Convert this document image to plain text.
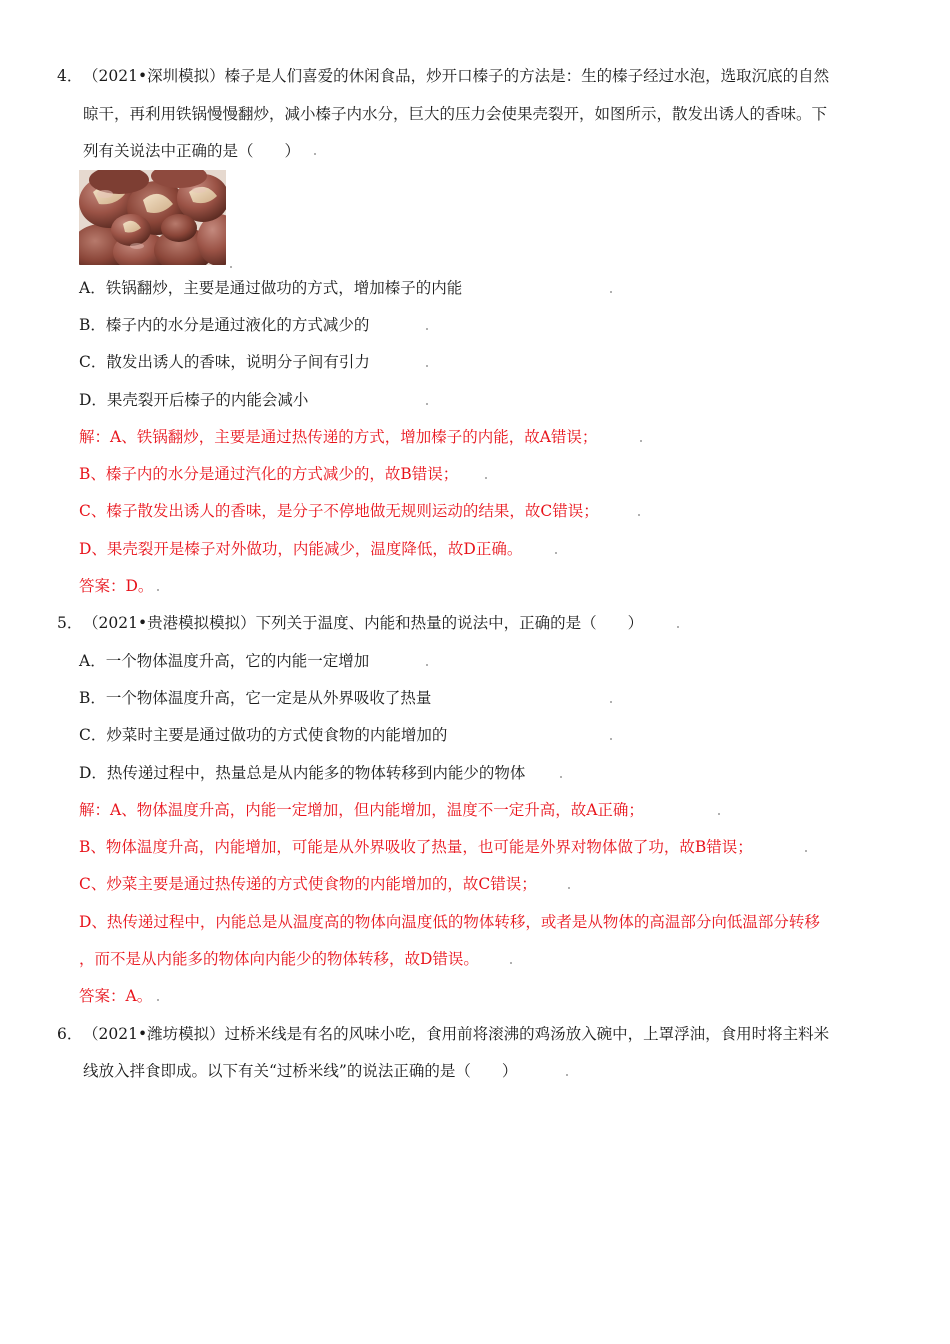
4．（2021•深圳模拟）榛子是人们喜爱的休闲食品，炒开口榛子的方法是：生的榛子经过水泡，选取沉底的自然
晾干，再利用铁锅慢慢翻炒，减小榛子内水分，巨大的压力会使果壳裂开，如图所示，散发出诱人的香味。下
列有关说法中正确的是（　　）
A．铁锅翻炒，主要是通过做功的方式，增加榛子的内能
B．榛子内的水分是通过液化的方式减少的
C．散发出诱人的香味，说明分子间有引力
D．果壳裂开后榛子的内能会减小
解：A、铁锅翻炒，主要是通过热传递的方式，增加榛子的内能，故A错误；
B、榛子内的水分是通过汽化的方式减少的，故B错误；
C、榛子散发出诱人的香味，是分子不停地做无规则运动的结果，故C错误；
D、果壳裂开是榛子对外做功，内能减少，温度降低，故D正确。
答案：D。
5．（2021•贵港模拟模拟）下列关于温度、内能和热量的说法中，正确的是（　　）
A．一个物体温度升高，它的内能一定增加
B．一个物体温度升高，它一定是从外界吸收了热量
C．炒菜时主要是通过做功的方式使食物的内能增加的
D．热传递过程中，热量总是从内能多的物体转移到内能少的物体
解：A、物体温度升高，内能一定增加，但内能增加，温度不一定升高，故A正确；
B、物体温度升高，内能增加，可能是从外界吸收了热量，也可能是外界对物体做了功，故B错误；
C、炒菜主要是通过热传递的方式使食物的内能增加的，故C错误；
D、热传递过程中，内能总是从温度高的物体向温度低的物体转移，或者是从物体的高温部分向低温部分转移
，而不是从内能多的物体向内能少的物体转移，故D错误。
答案：A。
6．（2021•潍坊模拟）过桥米线是有名的风味小吃，食用前将滚沸的鸡汤放入碗中，上罩浮油，食用时将主料米
线放入拌食即成。以下有关“过桥米线”的说法正确的是（　　）
